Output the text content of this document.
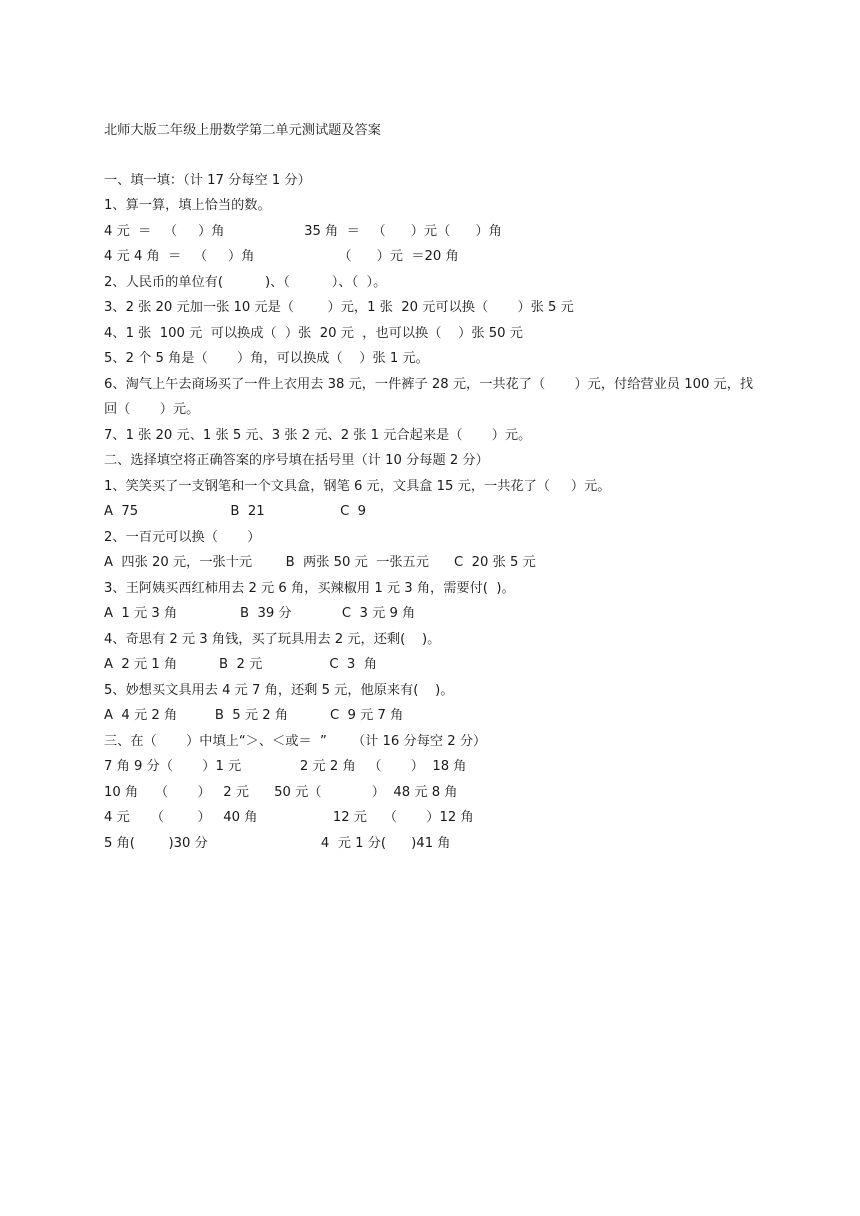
北师大版二年级上册数学第二单元测试题及答案
一、填一填：（计 17 分每空 1 分）
1、算一算，填上恰当的数。
4 元  ＝   （     ）角                   35 角  ＝   （      ）元（      ）角
4 元 4 角  ＝   （     ）角                    （      ）元  ＝20 角
2、人民币的单位有(          )、（          ）、（  ）。
3、2 张 20 元加一张 10 元是（        ）元，1 张  20 元可以换（       ）张 5 元
4、1 张  100 元  可以换成（  ）张  20 元  ，也可以换（    ）张 50 元
5、2 个 5 角是（       ）角，可以换成（    ）张 1 元。
6、淘气上午去商场买了一件上衣用去 38 元，一件裤子 28 元，一共花了（       ）元，付给营业员 100 元，找回（       ）元。
7、1 张 20 元、1 张 5 元、3 张 2 元、2 张 1 元合起来是（       ）元。
二、选择填空将正确答案的序号填在括号里（计 10 分每题 2 分）
1、笑笑买了一支钢笔和一个文具盒，钢笔 6 元，文具盒 15 元，一共花了（     ）元。
A  75                      B  21                  C  9
2、一百元可以换（       ）
A  四张 20 元，一张十元        B  两张 50 元  一张五元      C  20 张 5 元
3、王阿姨买西红柿用去 2 元 6 角，买辣椒用 1 元 3 角，需要付(  )。
A  1 元 3 角               B  39 分            C  3 元 9 角
4、奇思有 2 元 3 角钱，买了玩具用去 2 元，还剩(    )。
A  2 元 1 角          B  2 元                C  3  角
5、妙想买文具用去 4 元 7 角，还剩 5 元，他原来有(    )。
A  4 元 2 角         B  5 元 2 角          C  9 元 7 角
三、在（       ）中填上“＞、＜或＝  ”      （计 16 分每空 2 分）
7 角 9 分（       ）1 元              2 元 2 角   （       ）  18 角
10 角    （       ）   2 元      50 元（            ）  48 元 8 角
4 元     （        ）   40 角                  12 元    （       ）12 角
5 角(        )30 分                           4  元 1 分(      )41 角
